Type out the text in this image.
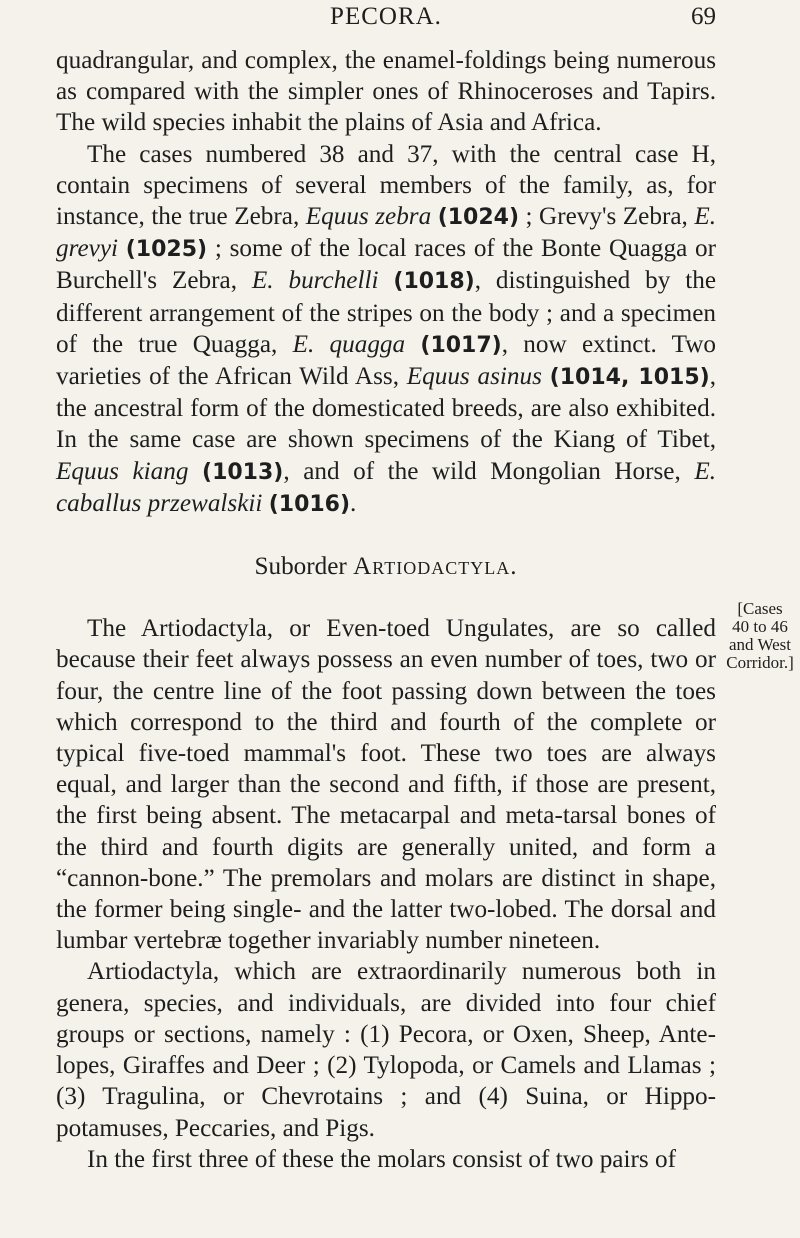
PECORA.	69

quadrangular, and complex, the enamel-foldings being numerous as compared with the simpler ones of Rhinoceroses and Tapirs. The wild species inhabit the plains of Asia and Africa.

The cases numbered 38 and 37, with the central case H, contain specimens of several members of the family, as, for instance, the true Zebra, Equus zebra (1024) ; Grevy's Zebra, E. grevyi (1025) ; some of the local races of the Bonte Quagga or Burchell's Zebra, E. burchelli (1018), distinguished by the different arrangement of the stripes on the body ; and a specimen of the true Quagga, E. quagga (1017), now extinct. Two varieties of the African Wild Ass, Equus asinus (1014, 1015), the ancestral form of the domesticated breeds, are also exhibited. In the same case are shown specimens of the Kiang of Tibet, Equus kiang (1013), and of the wild Mongolian Horse, E. caballus przewalskii (1016).

Suborder Artiodactyla.

The Artiodactyla, or Even-toed Ungulates, are so called because their feet always possess an even number of toes, two or four, the centre line of the foot passing down between the toes which correspond to the third and fourth of the complete or typical five-toed mammal's foot. These two toes are always equal, and larger than the second and fifth, if those are present, the first being absent. The metacarpal and meta-tarsal bones of the third and fourth digits are generally united, and form a “cannon-bone.” The premolars and molars are distinct in shape, the former being single- and the latter two-lobed. The dorsal and lumbar vertebræ together invariably number nineteen.

Artiodactyla, which are extraordinarily numerous both in genera, species, and individuals, are divided into four chief groups or sections, namely : (1) Pecora, or Oxen, Sheep, Ante-lopes, Giraffes and Deer ; (2) Tylopoda, or Camels and Llamas ; (3) Tragulina, or Chevrotains ; and (4) Suina, or Hippo-potamuses, Peccaries, and Pigs.

In the first three of these the molars consist of two pairs of

[Cases
40 to 46
and West
Corridor.]
